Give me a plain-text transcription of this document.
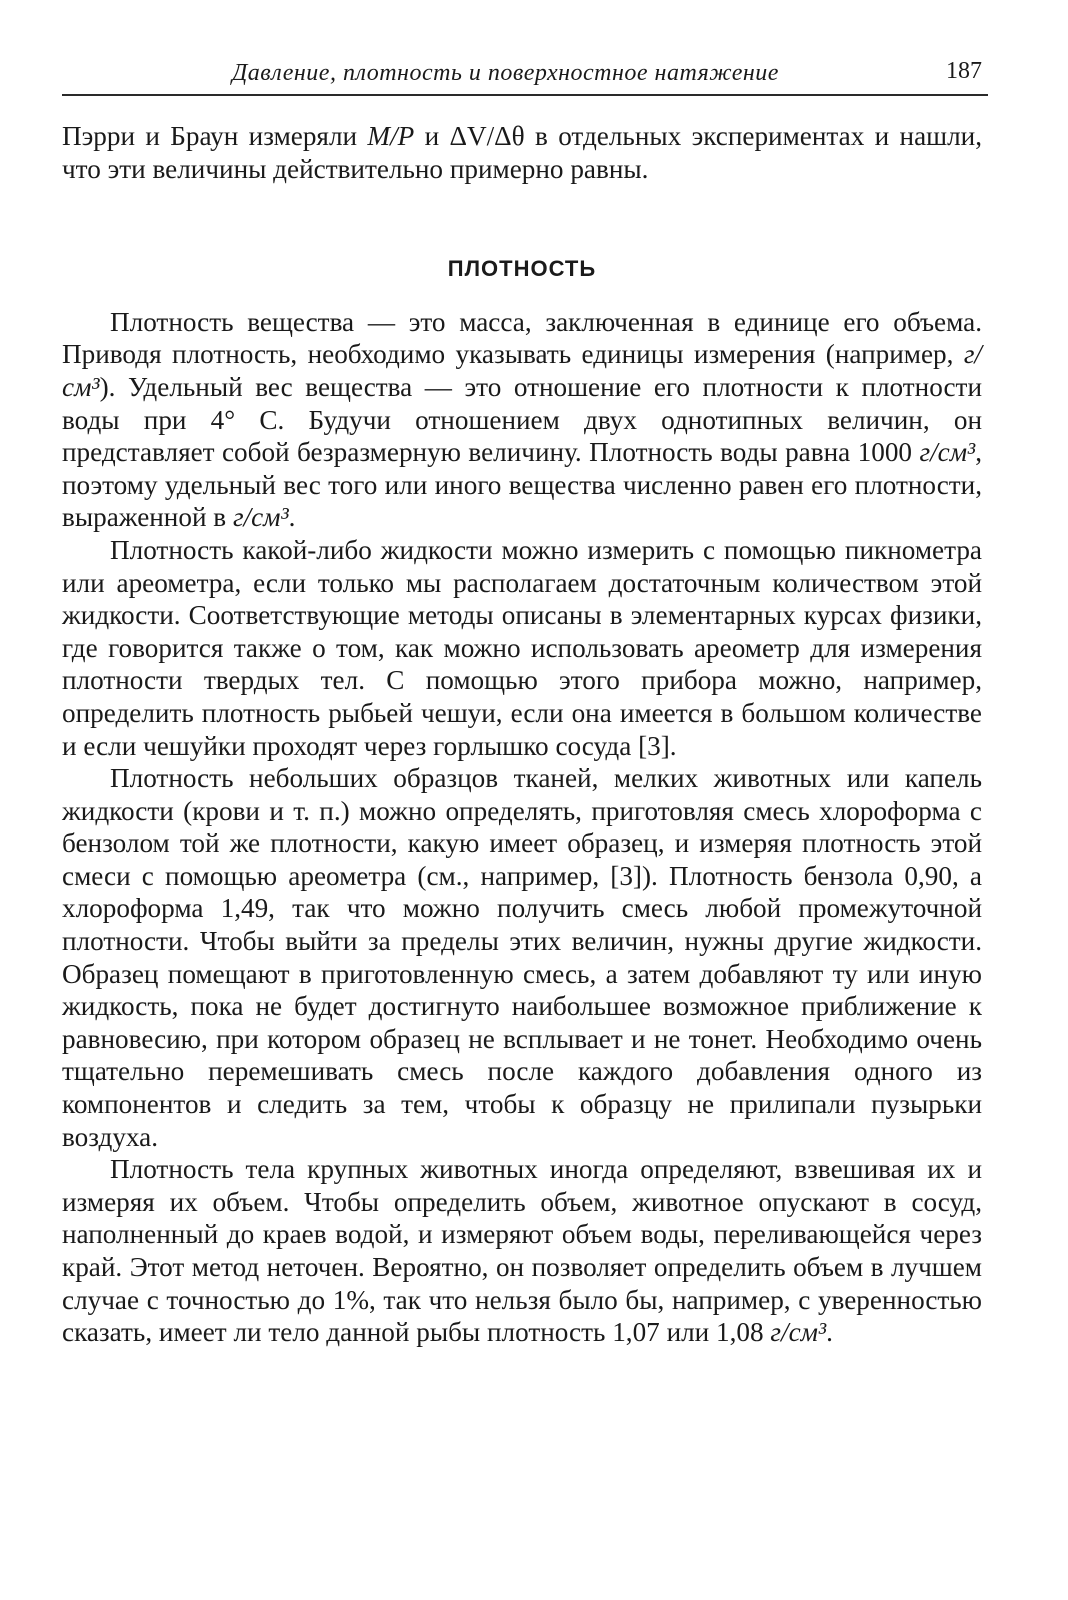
Давление, плотность и поверхностное натяжение	187

Пэрри и Браун измеряли M/P и ΔV/Δθ в отдельных экспериментах и нашли, что эти величины действительно примерно равны.

ПЛОТНОСТЬ

Плотность вещества — это масса, заключенная в единице его объема. Приводя плотность, необходимо указывать единицы измерения (например, г/см³). Удельный вес вещества — это отношение его плотности к плотности воды при 4° С. Будучи отношением двух однотипных величин, он представляет собой безразмерную величину. Плотность воды равна 1000 г/см³, поэтому удельный вес того или иного вещества численно равен его плотности, выраженной в г/см³.

Плотность какой-либо жидкости можно измерить с помощью пикнометра или ареометра, если только мы располагаем достаточным количеством этой жидкости. Соответствующие методы описаны в элементарных курсах физики, где говорится также о том, как можно использовать ареометр для измерения плотности твердых тел. С помощью этого прибора можно, например, определить плотность рыбьей чешуи, если она имеется в большом количестве и если чешуйки проходят через горлышко сосуда [3].

Плотность небольших образцов тканей, мелких животных или капель жидкости (крови и т. п.) можно определять, приготовляя смесь хлороформа с бензолом той же плотности, какую имеет образец, и измеряя плотность этой смеси с помощью ареометра (см., например, [3]). Плотность бензола 0,90, а хлороформа 1,49, так что можно получить смесь любой промежуточной плотности. Чтобы выйти за пределы этих величин, нужны другие жидкости. Образец помещают в приготовленную смесь, а затем добавляют ту или иную жидкость, пока не будет достигнуто наибольшее возможное приближение к равновесию, при котором образец не всплывает и не тонет. Необходимо очень тщательно перемешивать смесь после каждого добавления одного из компонентов и следить за тем, чтобы к образцу не прилипали пузырьки воздуха.

Плотность тела крупных животных иногда определяют, взвешивая их и измеряя их объем. Чтобы определить объем, животное опускают в сосуд, наполненный до краев водой, и измеряют объем воды, переливающейся через край. Этот метод неточен. Вероятно, он позволяет определить объем в лучшем случае с точностью до 1%, так что нельзя было бы, например, с уверенностью сказать, имеет ли тело данной рыбы плотность 1,07 или 1,08 г/см³.
